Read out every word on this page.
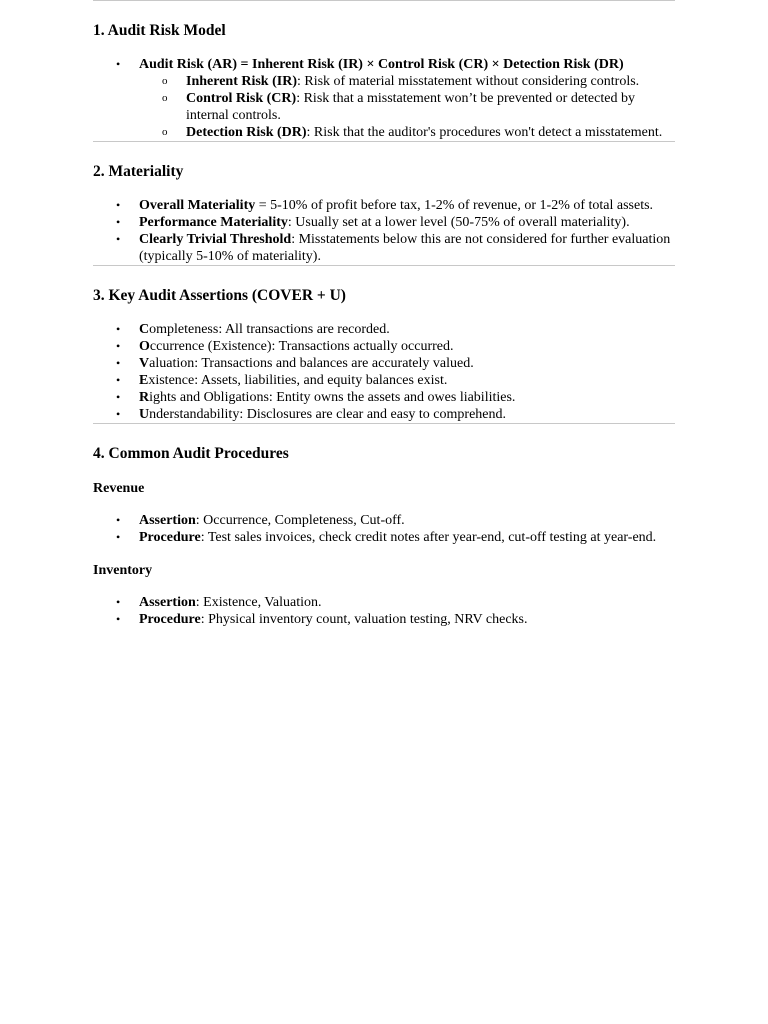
1. Audit Risk Model
• Audit Risk (AR) = Inherent Risk (IR) × Control Risk (CR) × Detection Risk (DR)
o Inherent Risk (IR): Risk of material misstatement without considering controls.
o Control Risk (CR): Risk that a misstatement won’t be prevented or detected by internal controls.
o Detection Risk (DR): Risk that the auditor's procedures won't detect a misstatement.
2. Materiality
• Overall Materiality = 5-10% of profit before tax, 1-2% of revenue, or 1-2% of total assets.
• Performance Materiality: Usually set at a lower level (50-75% of overall materiality).
• Clearly Trivial Threshold: Misstatements below this are not considered for further evaluation (typically 5-10% of materiality).
3. Key Audit Assertions (COVER + U)
• Completeness: All transactions are recorded.
• Occurrence (Existence): Transactions actually occurred.
• Valuation: Transactions and balances are accurately valued.
• Existence: Assets, liabilities, and equity balances exist.
• Rights and Obligations: Entity owns the assets and owes liabilities.
• Understandability: Disclosures are clear and easy to comprehend.
4. Common Audit Procedures
Revenue
• Assertion: Occurrence, Completeness, Cut-off.
• Procedure: Test sales invoices, check credit notes after year-end, cut-off testing at year-end.
Inventory
• Assertion: Existence, Valuation.
• Procedure: Physical inventory count, valuation testing, NRV checks.
